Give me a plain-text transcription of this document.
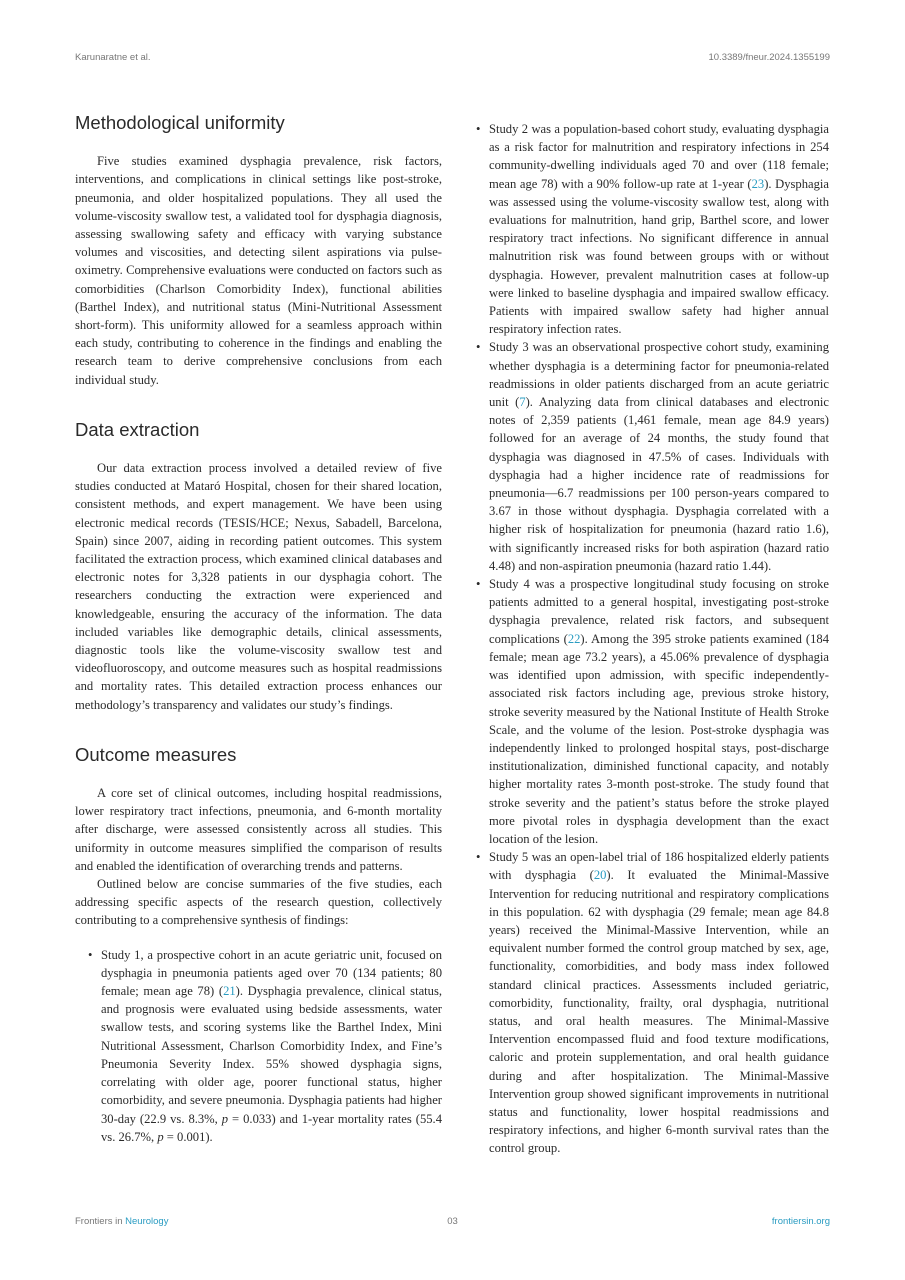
Karunaratne et al.	10.3389/fneur.2024.1355199
Methodological uniformity

Five studies examined dysphagia prevalence, risk factors, interventions, and complications in clinical settings like post-stroke, pneumonia, and older hospitalized populations. They all used the volume-viscosity swallow test, a validated tool for dysphagia diagnosis, assessing swallowing safety and efficacy with varying substance volumes and viscosities, and detecting silent aspirations via pulse-oximetry. Comprehensive evaluations were conducted on factors such as comorbidities (Charlson Comorbidity Index), functional abilities (Barthel Index), and nutritional status (Mini-Nutritional Assessment short-form). This uniformity allowed for a seamless approach within each study, contributing to coherence in the findings and enabling the research team to derive comprehensive conclusions from each individual study.

Data extraction

Our data extraction process involved a detailed review of five studies conducted at Mataró Hospital, chosen for their shared location, consistent methods, and expert management. We have been using electronic medical records (TESIS/HCE; Nexus, Sabadell, Barcelona, Spain) since 2007, aiding in recording patient outcomes. This system facilitated the extraction process, which examined clinical databases and electronic notes for 3,328 patients in our dysphagia cohort. The researchers conducting the extraction were experienced and knowledgeable, ensuring the accuracy of the information. The data included variables like demographic details, clinical assessments, diagnostic tools like the volume-viscosity swallow test and videofluoroscopy, and outcome measures such as hospital readmissions and mortality rates. This detailed extraction process enhances our methodology’s transparency and validates our study’s findings.

Outcome measures

A core set of clinical outcomes, including hospital readmissions, lower respiratory tract infections, pneumonia, and 6-month mortality after discharge, were assessed consistently across all studies. This uniformity in outcome measures simplified the comparison of results and enabled the identification of overarching trends and patterns.

Outlined below are concise summaries of the five studies, each addressing specific aspects of the research question, collectively contributing to a comprehensive synthesis of findings:

• Study 1, a prospective cohort in an acute geriatric unit, focused on dysphagia in pneumonia patients aged over 70 (134 patients; 80 female; mean age 78) (21). Dysphagia prevalence, clinical status, and prognosis were evaluated using bedside assessments, water swallow tests, and scoring systems like the Barthel Index, Mini Nutritional Assessment, Charlson Comorbidity Index, and Fine’s Pneumonia Severity Index. 55% showed dysphagia signs, correlating with older age, poorer functional status, higher comorbidity, and severe pneumonia. Dysphagia patients had higher 30-day (22.9 vs. 8.3%, p = 0.033) and 1-year mortality rates (55.4 vs. 26.7%, p = 0.001).
• Study 2 was a population-based cohort study, evaluating dysphagia as a risk factor for malnutrition and respiratory infections in 254 community-dwelling individuals aged 70 and over (118 female; mean age 78) with a 90% follow-up rate at 1-year (23). Dysphagia was assessed using the volume-viscosity swallow test, along with evaluations for malnutrition, hand grip, Barthel score, and lower respiratory tract infections. No significant difference in annual malnutrition risk was found between groups with or without dysphagia. However, prevalent malnutrition cases at follow-up were linked to baseline dysphagia and impaired swallow efficacy. Patients with impaired swallow safety had higher annual respiratory infection rates.
• Study 3 was an observational prospective cohort study, examining whether dysphagia is a determining factor for pneumonia-related readmissions in older patients discharged from an acute geriatric unit (7). Analyzing data from clinical databases and electronic notes of 2,359 patients (1,461 female, mean age 84.9 years) followed for an average of 24 months, the study found that dysphagia was diagnosed in 47.5% of cases. Individuals with dysphagia had a higher incidence rate of readmissions for pneumonia—6.7 readmissions per 100 person-years compared to 3.67 in those without dysphagia. Dysphagia correlated with a higher risk of hospitalization for pneumonia (hazard ratio 1.6), with significantly increased risks for both aspiration (hazard ratio 4.48) and non-aspiration pneumonia (hazard ratio 1.44).
• Study 4 was a prospective longitudinal study focusing on stroke patients admitted to a general hospital, investigating post-stroke dysphagia prevalence, related risk factors, and subsequent complications (22). Among the 395 stroke patients examined (184 female; mean age 73.2 years), a 45.06% prevalence of dysphagia was identified upon admission, with specific independently-associated risk factors including age, previous stroke history, stroke severity measured by the National Institute of Health Stroke Scale, and the volume of the lesion. Post-stroke dysphagia was independently linked to prolonged hospital stays, post-discharge institutionalization, diminished functional capacity, and notably higher mortality rates 3-month post-stroke. The study found that stroke severity and the patient’s status before the stroke played more pivotal roles in dysphagia development than the exact location of the lesion.
• Study 5 was an open-label trial of 186 hospitalized elderly patients with dysphagia (20). It evaluated the Minimal-Massive Intervention for reducing nutritional and respiratory complications in this population. 62 with dysphagia (29 female; mean age 84.8 years) received the Minimal-Massive Intervention, while an equivalent number formed the control group matched by sex, age, functionality, comorbidities, and body mass index followed standard clinical practices. Assessments included geriatric, comorbidity, functionality, frailty, oral dysphagia, nutritional status, and oral health measures. The Minimal-Massive Intervention encompassed fluid and food texture modifications, caloric and protein supplementation, and oral health guidance during and after hospitalization. The Minimal-Massive Intervention group showed significant improvements in nutritional status and functionality, lower hospital readmissions and respiratory infections, and higher 6-month survival rates than the control group.
Frontiers in Neurology	03	frontiersin.org
